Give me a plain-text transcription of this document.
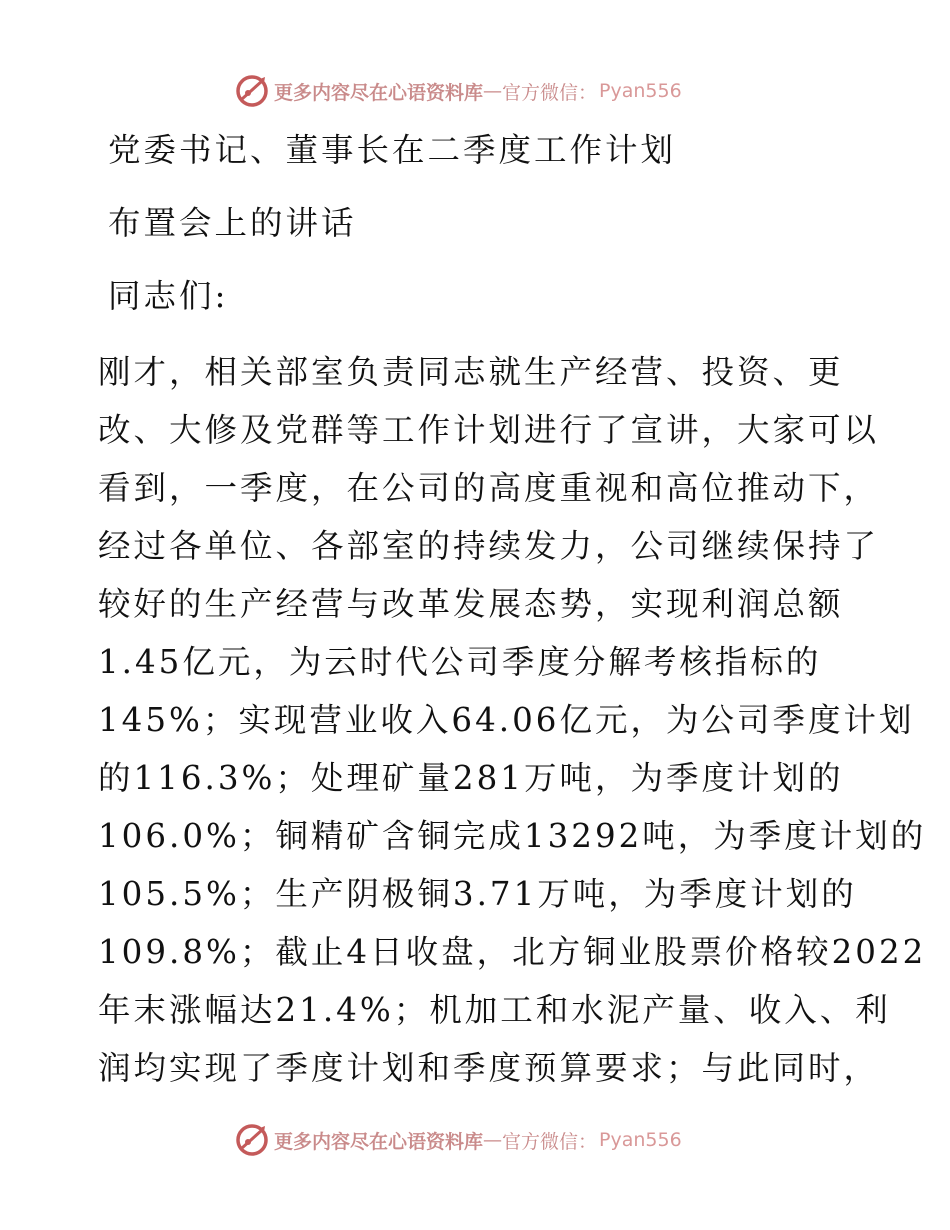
更多内容尽在心语资料库 — 官方微信： Pyan556
党委书记、董事长在二季度工作计划
布置会上的讲话
同志们:
刚才，相关部室负责同志就生产经营、投资、更
改、大修及党群等工作计划进行了宣讲，大家可以
看到，一季度，在公司的高度重视和高位推动下，
经过各单位、各部室的持续发力，公司继续保持了
较好的生产经营与改革发展态势，实现利润总额
1.45亿元，为云时代公司季度分解考核指标的
145%；实现营业收入64.06亿元，为公司季度计划
的116.3%；处理矿量281万吨，为季度计划的
106.0%；铜精矿含铜完成13292吨，为季度计划的
105.5%；生产阴极铜3.71万吨，为季度计划的
109.8%；截止4日收盘，北方铜业股票价格较2022
年末涨幅达21.4%；机加工和水泥产量、收入、利
润均实现了季度计划和季度预算要求；与此同时，
更多内容尽在心语资料库 — 官方微信： Pyan556
